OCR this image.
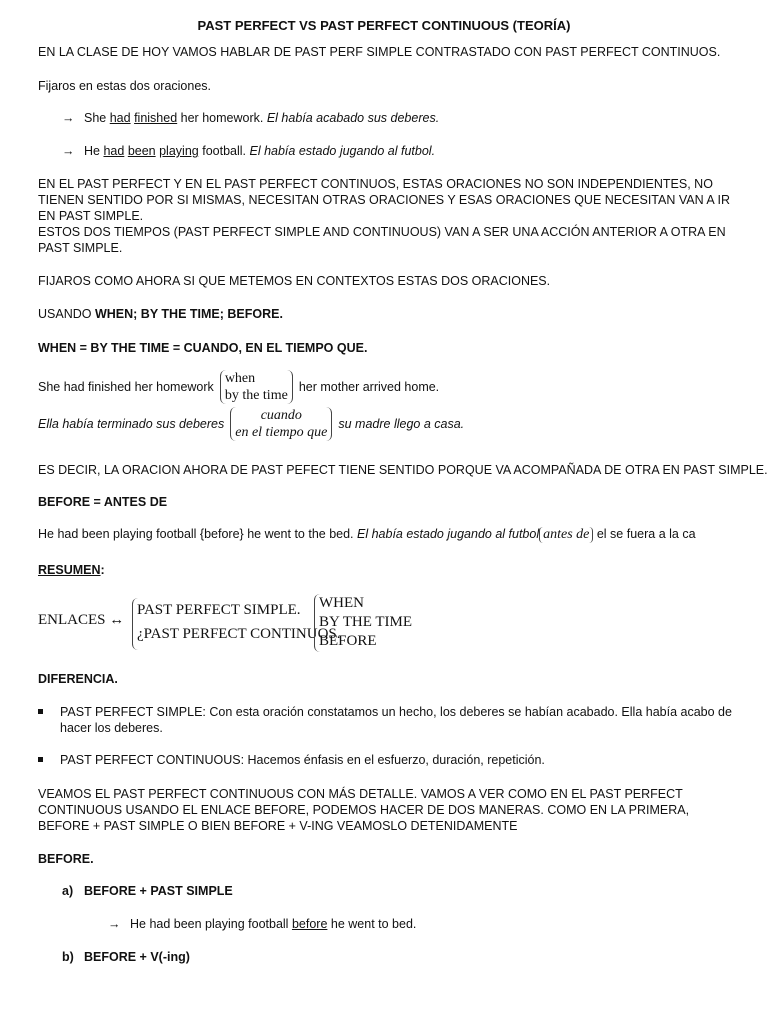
PAST PERFECT VS PAST PERFECT CONTINUOUS (TEORÍA)
EN LA CLASE DE HOY VAMOS HABLAR DE PAST PERF SIMPLE CONTRASTADO CON PAST PERFECT CONTINUOS.
Fijaros en estas dos oraciones.
→ She had finished her homework. El había acabado sus deberes.
→ He had been playing football. El había estado jugando al futbol.
EN EL PAST PERFECT Y EN EL PAST PERFECT CONTINUOS, ESTAS ORACIONES NO SON INDEPENDIENTES, NO TIENEN SENTIDO POR SI MISMAS, NECESITAN OTRAS ORACIONES Y ESAS ORACIONES QUE NECESITAN VAN A IR EN PAST SIMPLE.
ESTOS DOS TIEMPOS (PAST PERFECT SIMPLE AND CONTINUOUS) VAN A SER UNA ACCIÓN ANTERIOR A OTRA EN PAST SIMPLE.
FIJAROS COMO AHORA SI QUE METEMOS EN CONTEXTOS ESTAS DOS ORACIONES.
USANDO WHEN; BY THE TIME; BEFORE.
WHEN = BY THE TIME = CUANDO, EN EL TIEMPO QUE.
She had finished her homework
when
by the time
her mother arrived home.
Ella había terminado sus deberes
cuando
en el tiempo que
su madre llego a casa.
ES DECIR, LA ORACION AHORA DE PAST PEFECT TIENE SENTIDO PORQUE VA ACOMPAÑADA DE OTRA EN PAST SIMPLE.
BEFORE = ANTES DE
He had been playing football {before} he went to the bed. El había estado jugando al futbol antes de el se fuera a la ca
RESUMEN:
ENLACES ↔
PAST PERFECT SIMPLE.
¿PAST PERFECT CONTINUOS.
WHEN
BY THE TIME
BEFORE
DIFERENCIA.
PAST PERFECT SIMPLE: Con esta oración constatamos un hecho, los deberes se habían acabado. Ella había acabo de hacer los deberes.
PAST PERFECT CONTINUOUS: Hacemos énfasis en el esfuerzo, duración, repetición.
VEAMOS EL PAST PERFECT CONTINUOUS CON MÁS DETALLE. VAMOS A VER COMO EN EL PAST PERFECT CONTINUOUS USANDO EL ENLACE BEFORE, PODEMOS HACER DE DOS MANERAS. COMO EN LA PRIMERA, BEFORE + PAST SIMPLE O BIEN BEFORE + V-ING VEAMOSLO DETENIDAMENTE
BEFORE.
a) BEFORE + PAST SIMPLE
→ He had been playing football before he went to bed.
b) BEFORE + V(-ing)
